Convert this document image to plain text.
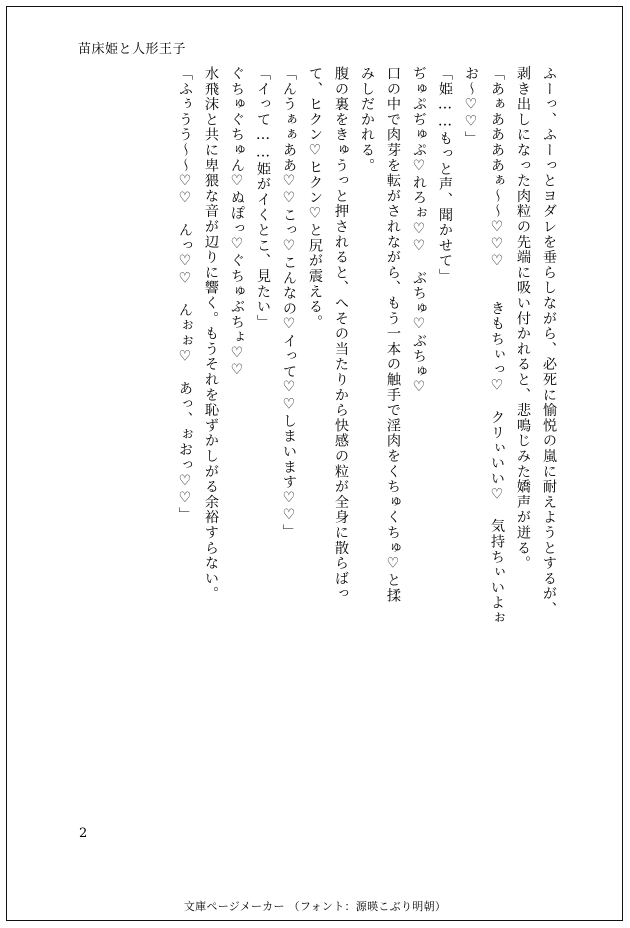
苗床姫と人形王子
ふーっ、ふーっとヨダレを垂らしながら、必死に愉悦の嵐に耐えようとするが、
剥き出しになった肉粒の先端に吸い付かれると、悲鳴じみた嬌声が迸る。
「あぁああああぁ〜〜♡♡♡　　きもちぃっ♡　クリぃいい♡　気持ちぃいよぉ
お〜♡♡」
「姫……もっと声、聞かせて」
ぢゅぷぢゅぷ♡れろぉ♡♡　ぶちゅ♡ぶちゅ♡
口の中で肉芽を転がされながら、もう一本の触手で淫肉をくちゅくちゅ♡と揉
みしだかれる。
腹の裏をきゅうっと押されると、へその当たりから快感の粒が全身に散らばっ
て、ヒクン♡ヒクン♡と尻が震える。
「んうぁぁああ♡♡こっ♡こんなの♡イって♡♡しまいます♡♡」
「イって……姫がイくとこ、見たい」
ぐちゅぐちゅん♡ぬぽっ♡ぐちゅぶちょ♡♡
水飛沫と共に卑猥な音が辺りに響く。もうそれを恥ずかしがる余裕すらない。
「ふぅうう〜〜♡♡　んっ♡♡　んぉぉ♡　あっ、ぉおっ♡♡」
2
文庫ページメーカー （フォント：源暎こぶり明朝）
